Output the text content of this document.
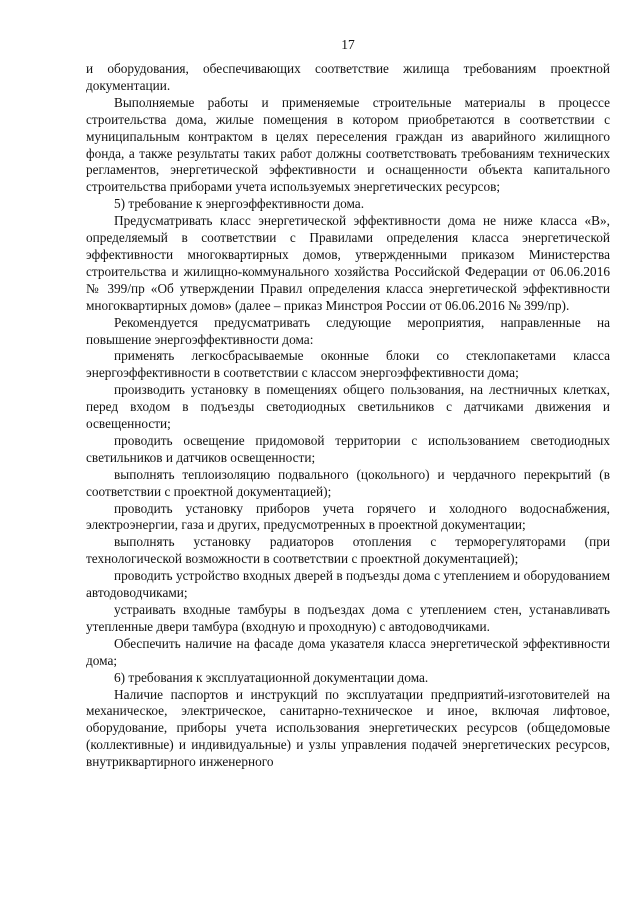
17

и оборудования, обеспечивающих соответствие жилища требованиям проектной документации.

Выполняемые работы и применяемые строительные материалы в процессе строительства дома, жилые помещения в котором приобретаются в соответствии с муниципальным контрактом в целях переселения граждан из аварийного жилищного фонда, а также результаты таких работ должны соответствовать требованиям технических регламентов, энергетической эффективности и оснащенности объекта капитального строительства приборами учета используемых энергетических ресурсов;

5) требование к энергоэффективности дома.

Предусматривать класс энергетической эффективности дома не ниже класса «В», определяемый в соответствии с Правилами определения класса энергетической эффективности многоквартирных домов, утвержденными приказом Министерства строительства и жилищно-коммунального хозяйства Российской Федерации от 06.06.2016 № 399/пр «Об утверждении Правил определения класса энергетической эффективности многоквартирных домов» (далее – приказ Минстроя России от 06.06.2016 № 399/пр).

Рекомендуется предусматривать следующие мероприятия, направленные на повышение энергоэффективности дома:

применять легкосбрасываемые оконные блоки со стеклопакетами класса энергоэффективности в соответствии с классом энергоэффективности дома;

производить установку в помещениях общего пользования, на лестничных клетках, перед входом в подъезды светодиодных светильников с датчиками движения и освещенности;

проводить освещение придомовой территории с использованием светодиодных светильников и датчиков освещенности;

выполнять теплоизоляцию подвального (цокольного) и чердачного перекрытий (в соответствии с проектной документацией);

проводить установку приборов учета горячего и холодного водоснабжения, электроэнергии, газа и других, предусмотренных в проектной документации;

выполнять установку радиаторов отопления с терморегуляторами (при технологической возможности в соответствии с проектной документацией);

проводить устройство входных дверей в подъезды дома с утеплением и оборудованием автодоводчиками;

устраивать входные тамбуры в подъездах дома с утеплением стен, устанавливать утепленные двери тамбура (входную и проходную) с автодоводчиками.

Обеспечить наличие на фасаде дома указателя класса энергетической эффективности дома;

6) требования к эксплуатационной документации дома.

Наличие паспортов и инструкций по эксплуатации предприятий-изготовителей на механическое, электрическое, санитарно-техническое и иное, включая лифтовое, оборудование, приборы учета использования энергетических ресурсов (общедомовые (коллективные) и индивидуальные) и узлы управления подачей энергетических ресурсов, внутриквартирного инженерного
